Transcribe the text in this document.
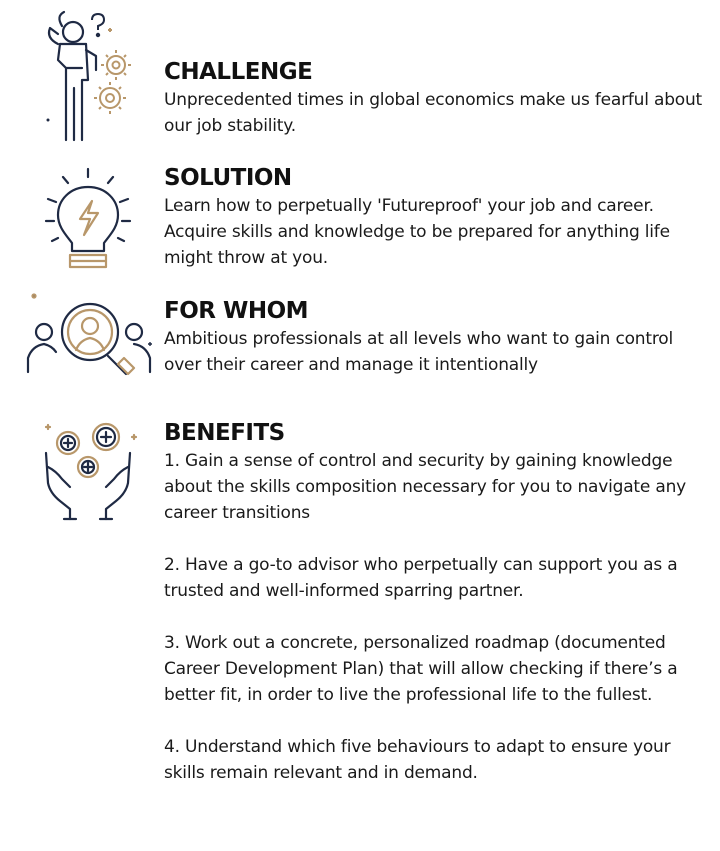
CHALLENGE

Unprecedented times in global economics make us fearful about our job stability.

SOLUTION

Learn how to perpetually 'Futureproof' your job and career. Acquire skills and knowledge to be prepared for anything life might throw at you.

FOR WHOM

Ambitious professionals at all levels who want to gain control over their career and manage it intentionally

BENEFITS

1. Gain a sense of control and security by gaining knowledge about the skills composition necessary for you to navigate any career transitions

2. Have a go-to advisor who perpetually can support you as a trusted and well-informed sparring partner.

3. Work out a concrete, personalized roadmap (documented Career Development Plan) that will allow checking if there’s a better fit, in order to live the professional life to the fullest.

4. Understand which five behaviours to adapt to ensure your skills remain relevant and in demand.
